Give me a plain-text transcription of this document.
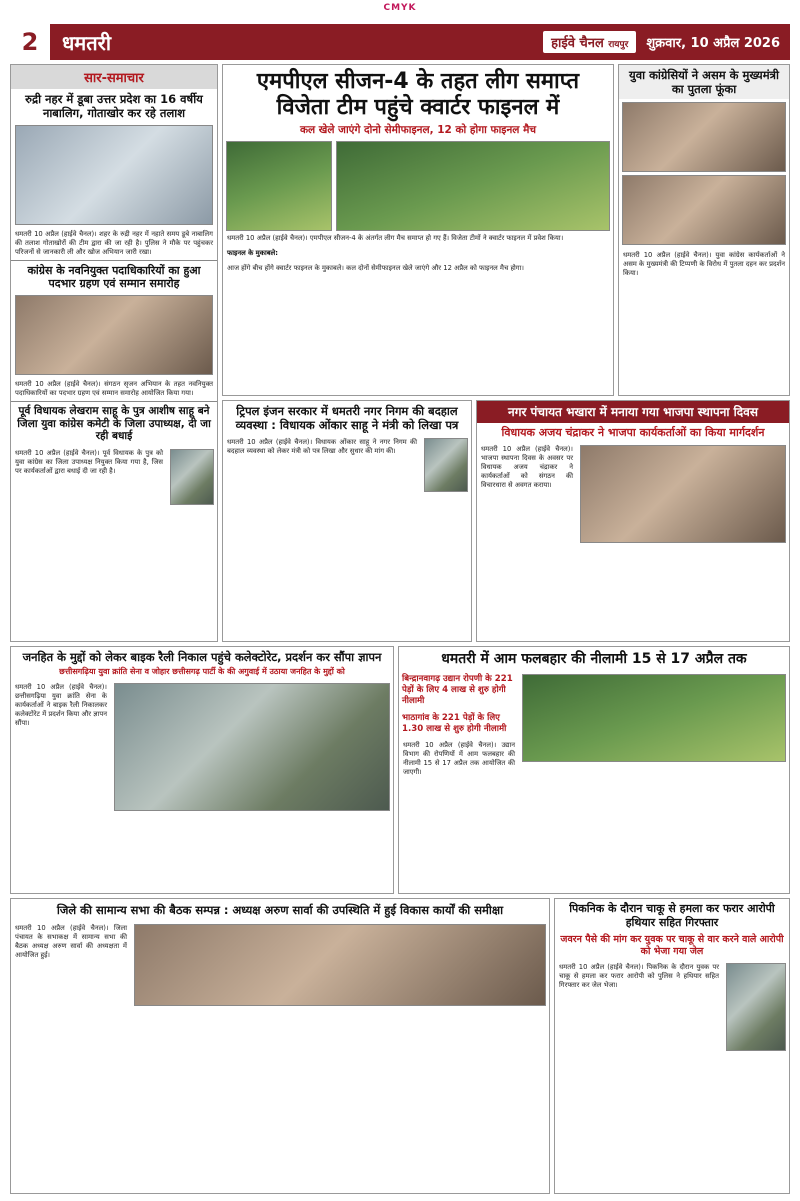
CMYK
2	धमतरी	हाईवे चैनल रायपुर	शुक्रवार, 10 अप्रैल 2026
सार-समाचार
रुद्री नहर में डूबा उत्तर प्रदेश का 16 वर्षीय नाबालिग, गोताखोर कर रहे तलाश
धमतरी 10 अप्रैल (हाईवे चैनल)। शहर के रुद्री नहर में नहाते समय डूबे नाबालिग की तलाश गोताखोरों की टीम द्वारा की जा रही है। पुलिस ने मौके पर पहुंचकर परिजनों से जानकारी ली और खोज अभियान जारी रखा।
कांग्रेस के नवनियुक्त पदाधिकारियों का हुआ पदभार ग्रहण एवं सम्मान समारोह
धमतरी 10 अप्रैल (हाईवे चैनल)। संगठन सृजन अभियान के तहत नवनियुक्त पदाधिकारियों का पदभार ग्रहण एवं सम्मान समारोह आयोजित किया गया।
पूर्व विधायक लेखराम साहू के पुत्र आशीष साहू बने जिला युवा कांग्रेस कमेटी के जिला उपाध्यक्ष, दी जा रही बधाई
धमतरी 10 अप्रैल (हाईवे चैनल)। पूर्व विधायक के पुत्र को युवा कांग्रेस का जिला उपाध्यक्ष नियुक्त किया गया है, जिस पर कार्यकर्ताओं द्वारा बधाई दी जा रही है।
एमपीएल सीजन-4 के तहत लीग समाप्त
विजेता टीम पहुंचे क्वार्टर फाइनल में
कल खेले जाएंगे दोनो सेमीफाइनल, 12 को होगा फाइनल मैच
धमतरी 10 अप्रैल (हाईवे चैनल)। एमपीएल सीजन-4 के अंतर्गत लीग मैच समाप्त हो गए हैं। विजेता टीमों ने क्वार्टर फाइनल में प्रवेश किया।
फाइनल के मुकाबले:
आज होंगे बीच होंगे क्वार्टर फाइनल के मुकाबले। कल दोनों सेमीफाइनल खेले जाएंगे और 12 अप्रैल को फाइनल मैच होगा।
युवा कांग्रेसियों ने असम के मुख्यमंत्री का पुतला फूंका
धमतरी 10 अप्रैल (हाईवे चैनल)। युवा कांग्रेस कार्यकर्ताओं ने असम के मुख्यमंत्री की टिप्पणी के विरोध में पुतला दहन कर प्रदर्शन किया।
ट्रिपल इंजन सरकार में धमतरी नगर निगम की बदहाल
व्यवस्था : विधायक ओंकार साहू ने मंत्री को लिखा पत्र
धमतरी 10 अप्रैल (हाईवे चैनल)। विधायक ओंकार साहू ने नगर निगम की बदहाल व्यवस्था को लेकर मंत्री को पत्र लिखा और सुधार की मांग की।
नगर पंचायत भखारा में मनाया गया भाजपा स्थापना दिवस
विधायक अजय चंद्राकर ने भाजपा कार्यकर्ताओं का किया मार्गदर्शन
धमतरी 10 अप्रैल (हाईवे चैनल)। भाजपा स्थापना दिवस के अवसर पर विधायक अजय चंद्राकर ने कार्यकर्ताओं को संगठन की विचारधारा से अवगत कराया।
जनहित के मुद्दों को लेकर बाइक रैली निकाल पहुंचे कलेक्टोरेट, प्रदर्शन कर सौंपा ज्ञापन
छत्तीसगढ़िया युवा क्रांति सेना व जोहार छत्तीसगढ़ पार्टी के की अगुवाई में उठाया जनहित के मुद्दों को
धमतरी 10 अप्रैल (हाईवे चैनल)। छत्तीसगढ़िया युवा क्रांति सेना के कार्यकर्ताओं ने बाइक रैली निकालकर कलेक्टोरेट में प्रदर्शन किया और ज्ञापन सौंपा।
धमतरी में आम फलबहार की नीलामी 15 से 17 अप्रैल तक
बिन्द्रानवागढ़ उद्यान रोपणी के 221 पेड़ों के लिए 4 लाख से शुरु होगी नीलामी
भाठागांव के 221 पेड़ों के लिए 1.30 लाख से शुरु होगी नीलामी
धमतरी 10 अप्रैल (हाईवे चैनल)। उद्यान विभाग की रोपणियों में आम फलबहार की नीलामी 15 से 17 अप्रैल तक आयोजित की जाएगी।
जिले की सामान्य सभा की बैठक सम्पन्न : अध्यक्ष अरुण सार्वा की उपस्थिति में हुई विकास कार्यों की समीक्षा
धमतरी 10 अप्रैल (हाईवे चैनल)। जिला पंचायत के सभाकक्ष में सामान्य सभा की बैठक अध्यक्ष अरुण सार्वा की अध्यक्षता में आयोजित हुई।
पिकनिक के दौरान चाकू से हमला कर फरार आरोपी हथियार सहित गिरफ्तार
जवरन पैसे की मांग कर युवक पर चाकू से वार करने वाले आरोपी को भेजा गया जेल
धमतरी 10 अप्रैल (हाईवे चैनल)। पिकनिक के दौरान युवक पर चाकू से हमला कर फरार आरोपी को पुलिस ने हथियार सहित गिरफ्तार कर जेल भेजा।
